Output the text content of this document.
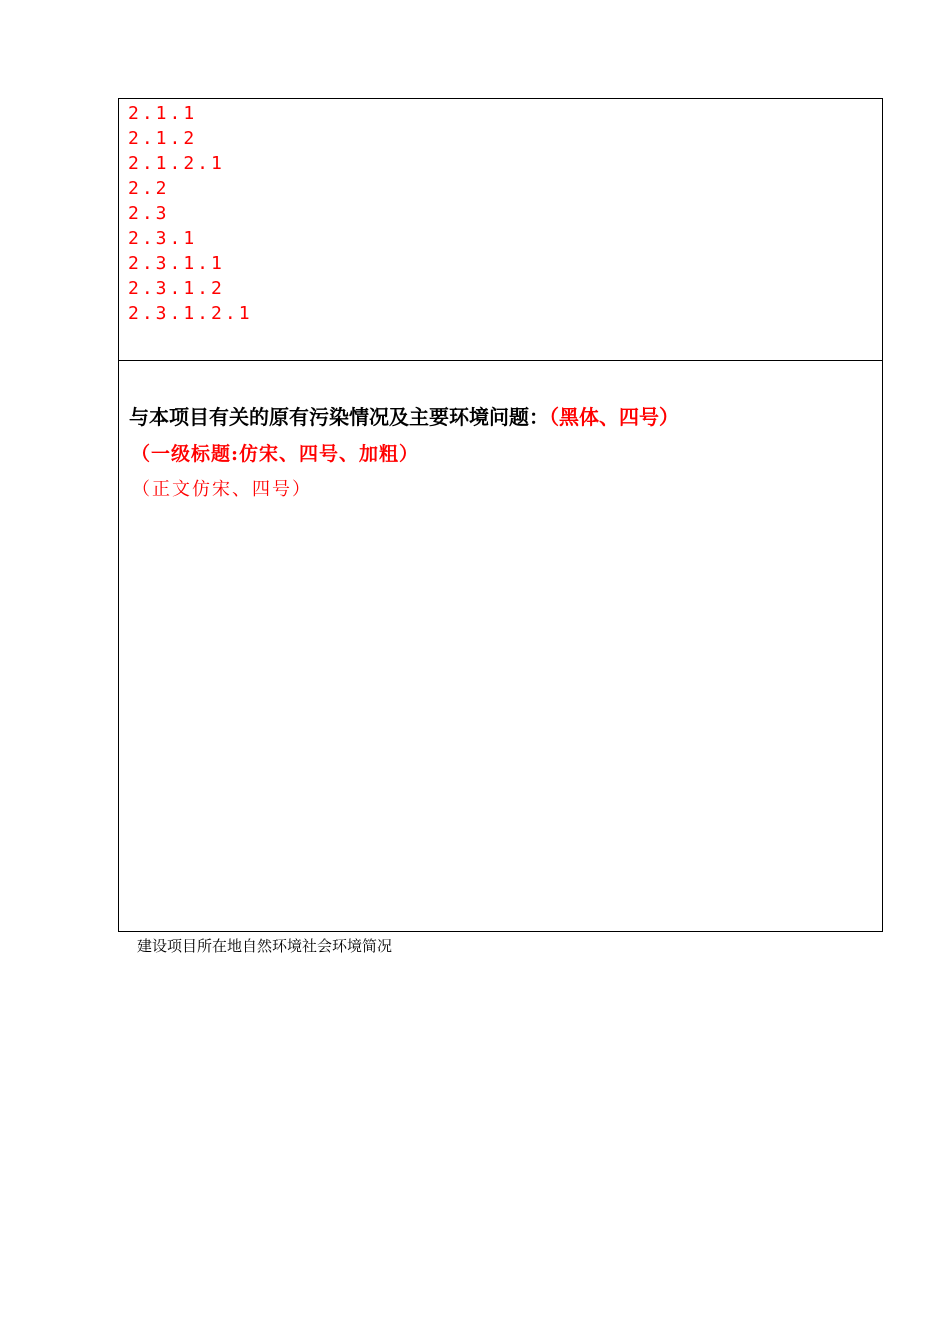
2.1.1
2.1.2
2.1.2.1
2.2
2.3
2.3.1
2.3.1.1
2.3.1.2
2.3.1.2.1
与本项目有关的原有污染情况及主要环境问题：（黑体、四号）
（一级标题:仿宋、四号、加粗）
（正文仿宋、四号）
建设项目所在地自然环境社会环境简况
